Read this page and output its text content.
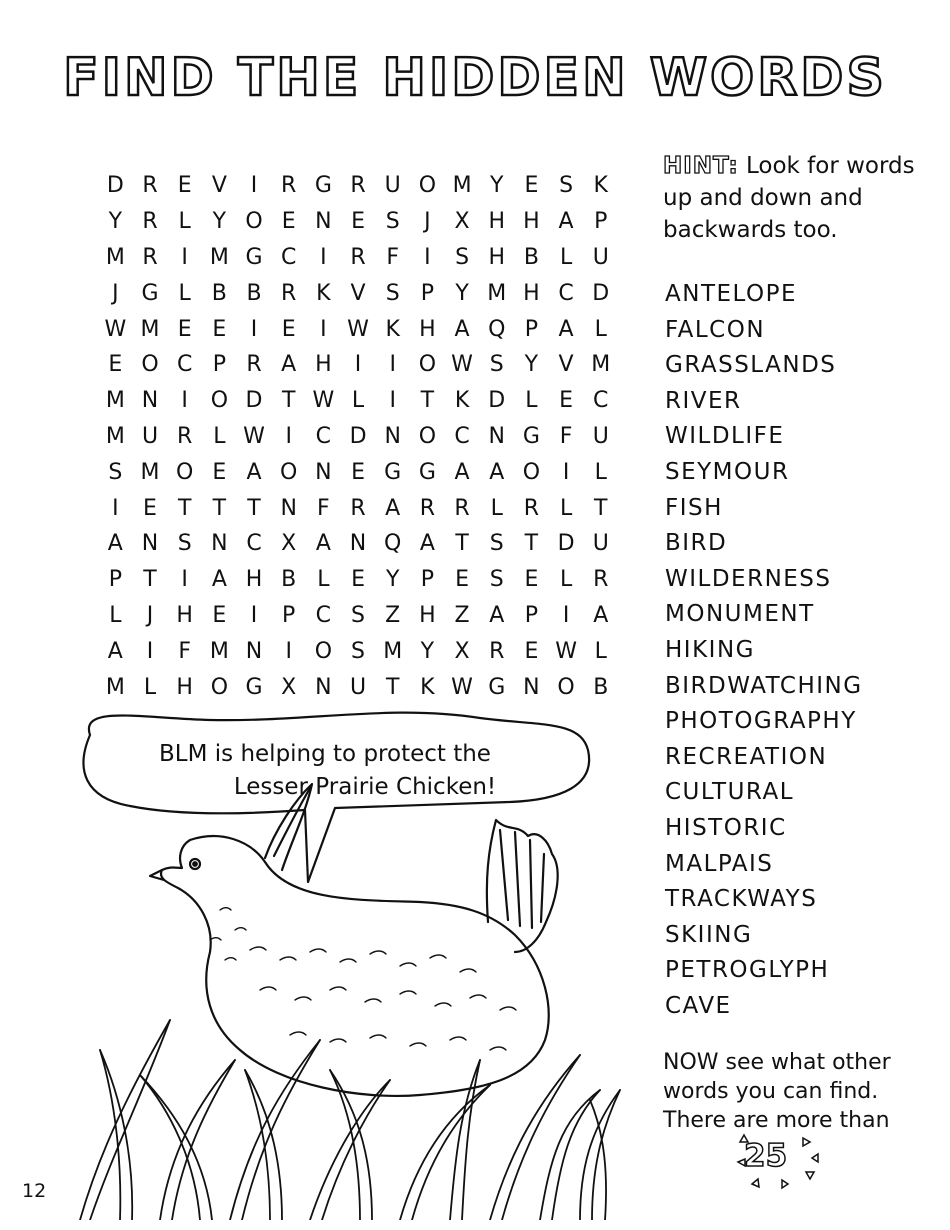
FIND THE HIDDEN WORDS
D R E V	I	R G R U O M Y E S K
Y R L Y O E N E S	J	X H H A P
M R	I M G C	I	R F	I	S H B L U
J	G L B B R K V S P Y M H C D
W M E E	I	E	I W K H A Q P A L
E O C P R A H	I	I	O W S Y V M
M N	I	O D T W L	I	T K D L E C
M U R L W I	C D N O C N G F U
S M O E A O N E G G A A O	I	L
I	E T T T N F R A R R L R L T
A N S N C X A N Q A T S T D U
P T	I	A H B L E Y P E S E L R
L	J	H E	I	P C S Z H Z A P	I	A
A	I	F M N	I	O S M Y X R E W L
M L H O G X N U T K W G N O B
HINT: Look for words up and down and backwards too.
ANTELOPE
FALCON
GRASSLANDS
RIVER
WILDLIFE
SEYMOUR
FISH
BIRD
WILDERNESS
MONUMENT
HIKING
BIRDWATCHING
PHOTOGRAPHY
RECREATION
CULTURAL
HISTORIC
MALPAIS
TRACKWAYS
SKIING
PETROGLYPH
CAVE
NOW see what other words you can find. There are more than
25
BLM is helping to protect the
Lesser Prairie Chicken!
12
